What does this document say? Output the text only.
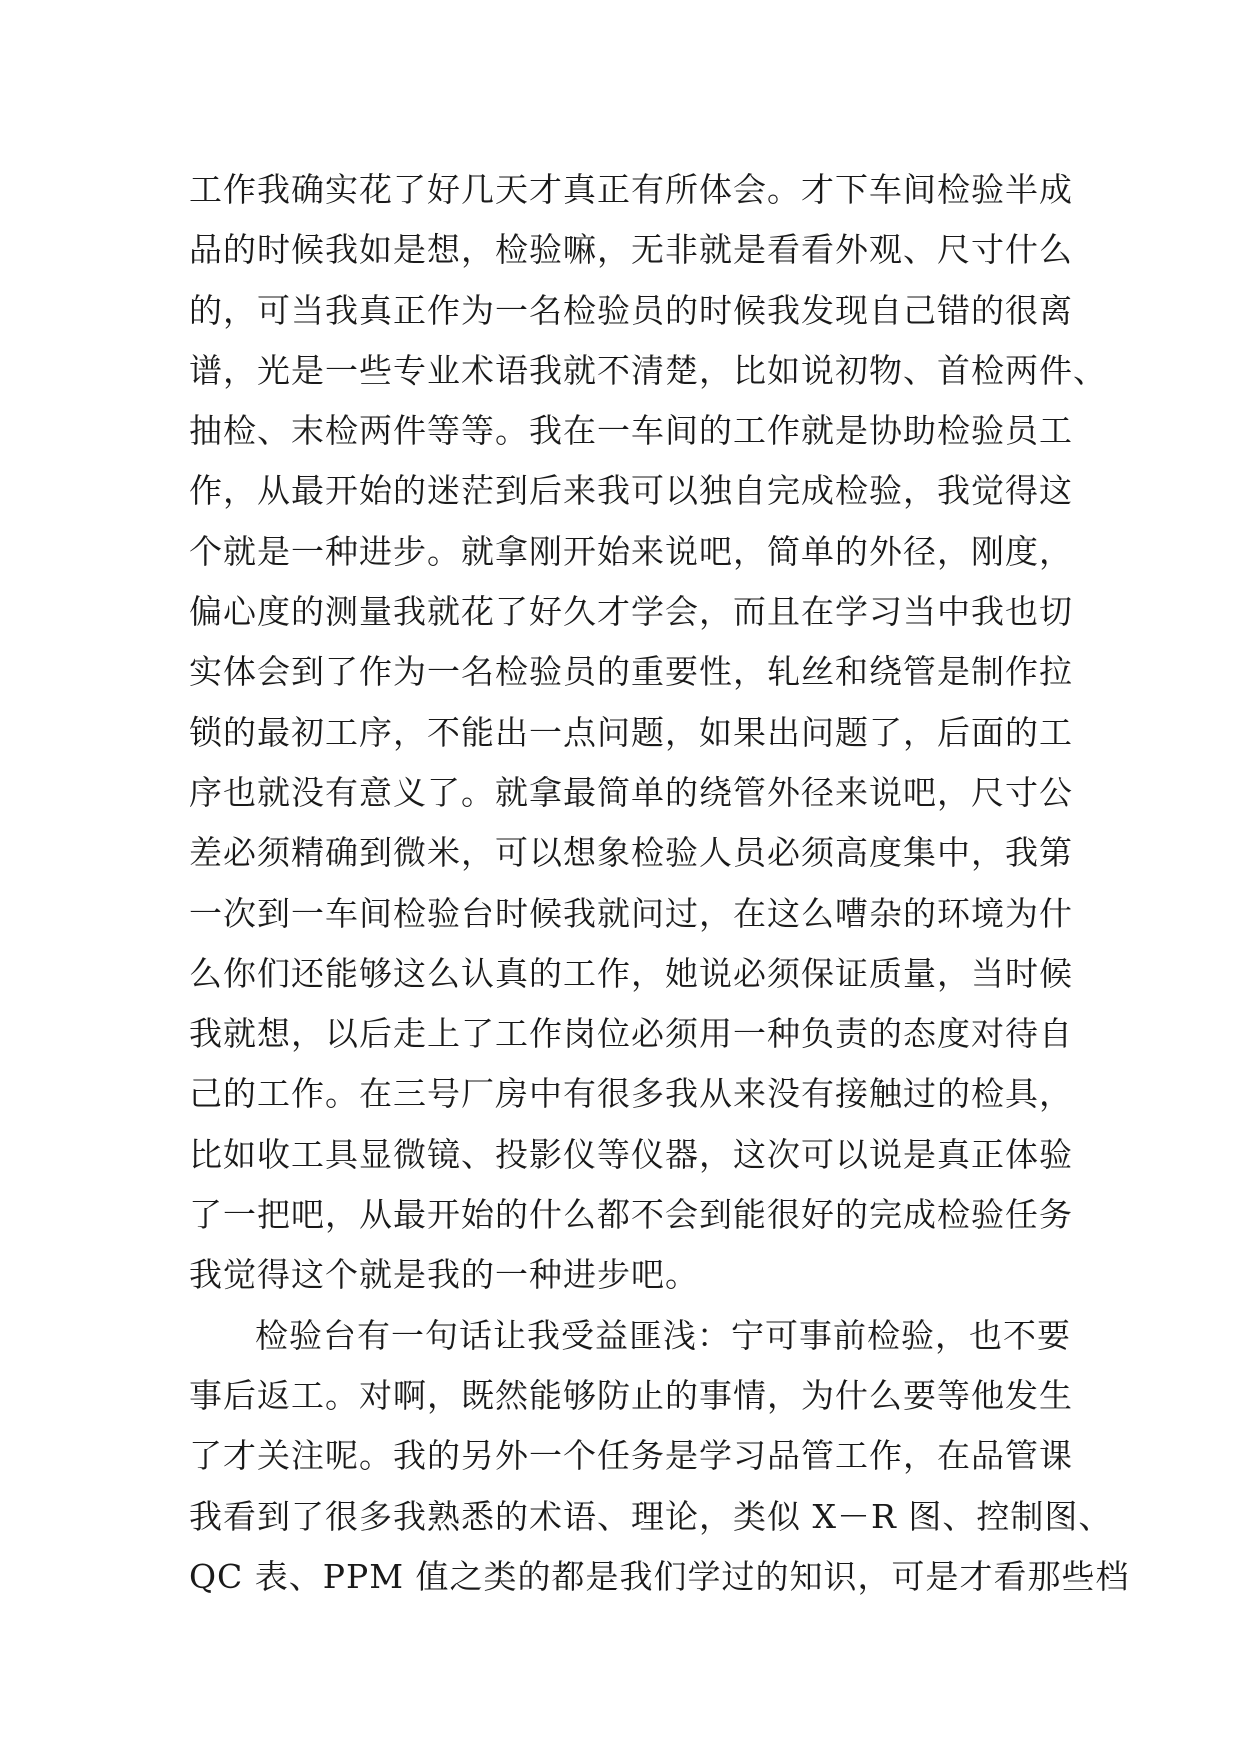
工作我确实花了好几天才真正有所体会。才下车间检验半成
品的时候我如是想，检验嘛，无非就是看看外观、尺寸什么
的，可当我真正作为一名检验员的时候我发现自己错的很离
谱，光是一些专业术语我就不清楚，比如说初物、首检两件、
抽检、末检两件等等。我在一车间的工作就是协助检验员工
作，从最开始的迷茫到后来我可以独自完成检验，我觉得这
个就是一种进步。就拿刚开始来说吧，简单的外径，刚度，
偏心度的测量我就花了好久才学会，而且在学习当中我也切
实体会到了作为一名检验员的重要性，轧丝和绕管是制作拉
锁的最初工序，不能出一点问题，如果出问题了，后面的工
序也就没有意义了。就拿最简单的绕管外径来说吧，尺寸公
差必须精确到微米，可以想象检验人员必须高度集中，我第
一次到一车间检验台时候我就问过，在这么嘈杂的环境为什
么你们还能够这么认真的工作，她说必须保证质量，当时候
我就想，以后走上了工作岗位必须用一种负责的态度对待自
己的工作。在三号厂房中有很多我从来没有接触过的检具，
比如收工具显微镜、投影仪等仪器，这次可以说是真正体验
了一把吧，从最开始的什么都不会到能很好的完成检验任务
我觉得这个就是我的一种进步吧。
检验台有一句话让我受益匪浅：宁可事前检验，也不要
事后返工。对啊，既然能够防止的事情，为什么要等他发生
了才关注呢。我的另外一个任务是学习品管工作，在品管课
我看到了很多我熟悉的术语、理论，类似 X－R 图、控制图、
QC 表、PPM 值之类的都是我们学过的知识，可是才看那些档
